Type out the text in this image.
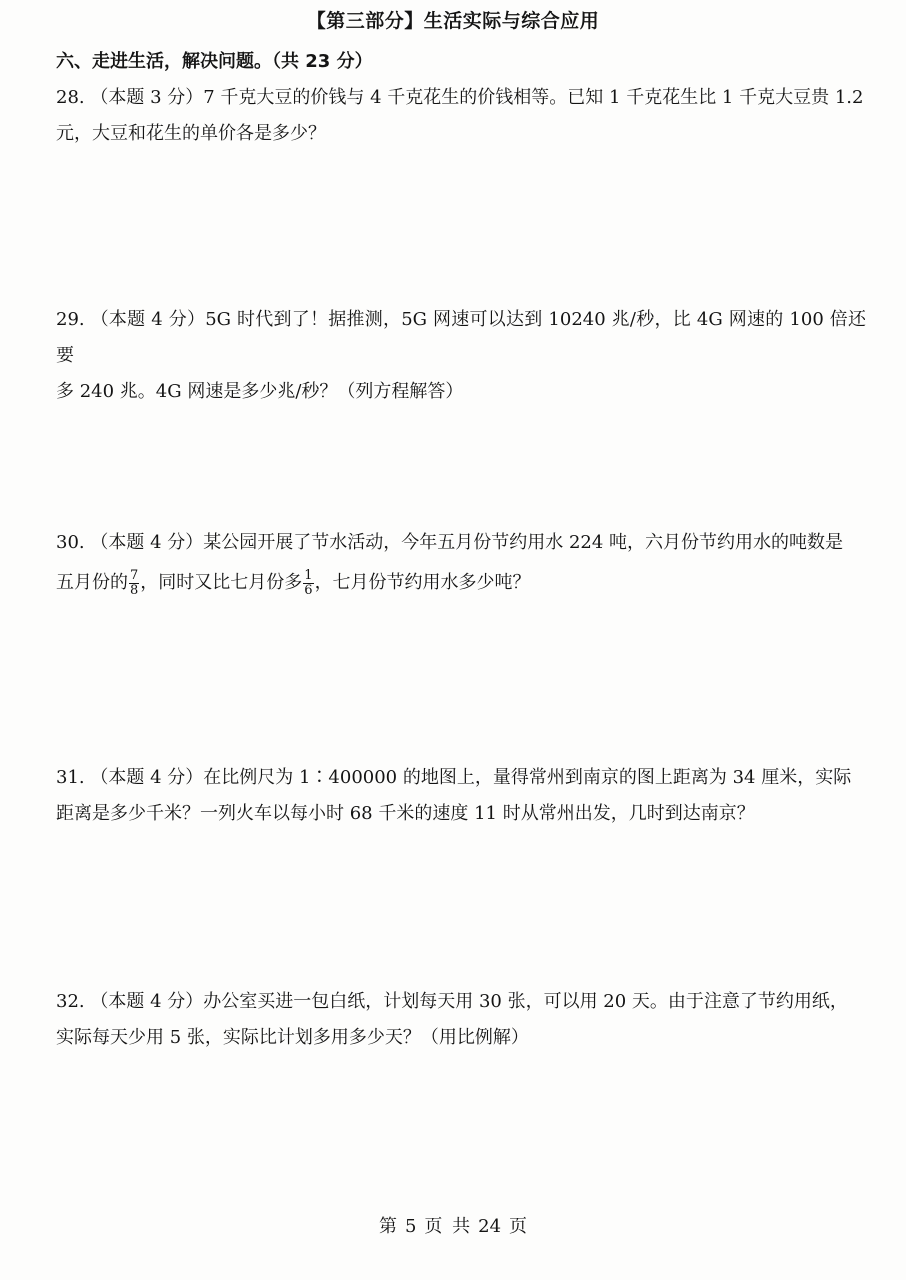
【第三部分】生活实际与综合应用
六、走进生活，解决问题。（共 23 分）

28. （本题 3 分）7 千克大豆的价钱与 4 千克花生的价钱相等。已知 1 千克花生比 1 千克大豆贵 1.2

元，大豆和花生的单价各是多少？

29. （本题 4 分）5G 时代到了！据推测，5G 网速可以达到 10240 兆/秒，比 4G 网速的 100 倍还要

多 240 兆。4G 网速是多少兆/秒？（列方程解答）

30. （本题 4 分）某公园开展了节水活动，今年五月份节约用水 224 吨，六月份节约用水的吨数是

五月份的 $\frac{7}{8}$ ，同时又比七月份多 $\frac{1}{6}$ ，七月份节约用水多少吨？

31. （本题 4 分）在比例尺为 1∶400000 的地图上，量得常州到南京的图上距离为 34 厘米，实际

距离是多少千米？一列火车以每小时 68 千米的速度 11 时从常州出发，几时到达南京？

32. （本题 4 分）办公室买进一包白纸，计划每天用 30 张，可以用 20 天。由于注意了节约用纸，

实际每天少用 5 张，实际比计划多用多少天？（用比例解）

第 5 页 共 24 页
